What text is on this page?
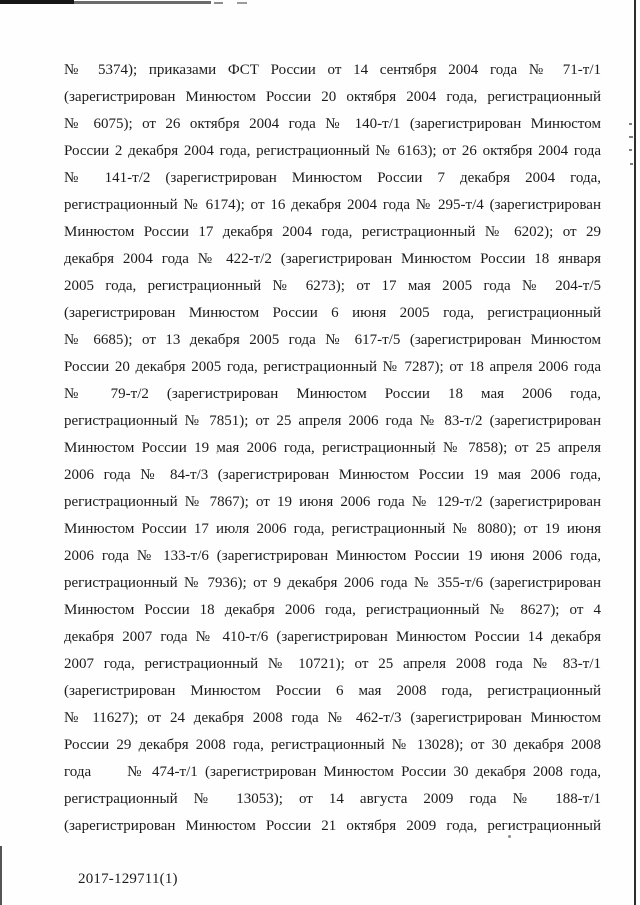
№ 5374); приказами ФСТ России от 14 сентября 2004 года № 71-т/1
(зарегистрирован Минюстом России 20 октября 2004 года, регистрационный
№ 6075); от 26 октября 2004 года № 140-т/1 (зарегистрирован Минюстом
России 2 декабря 2004 года, регистрационный № 6163); от 26 октября 2004 года
№ 141-т/2 (зарегистрирован Минюстом России 7 декабря 2004 года,
регистрационный № 6174); от 16 декабря 2004 года № 295-т/4 (зарегистрирован
Минюстом России 17 декабря 2004 года, регистрационный № 6202); от 29
декабря 2004 года № 422-т/2 (зарегистрирован Минюстом России 18 января
2005 года, регистрационный № 6273); от 17 мая 2005 года № 204-т/5
(зарегистрирован Минюстом России 6 июня 2005 года, регистрационный
№ 6685); от 13 декабря 2005 года № 617-т/5 (зарегистрирован Минюстом
России 20 декабря 2005 года, регистрационный № 7287); от 18 апреля 2006 года
№ 79-т/2 (зарегистрирован Минюстом России 18 мая 2006 года,
регистрационный № 7851); от 25 апреля 2006 года № 83-т/2 (зарегистрирован
Минюстом России 19 мая 2006 года, регистрационный № 7858); от 25 апреля
2006 года № 84-т/3 (зарегистрирован Минюстом России 19 мая 2006 года,
регистрационный № 7867); от 19 июня 2006 года № 129-т/2 (зарегистрирован
Минюстом России 17 июля 2006 года, регистрационный № 8080); от 19 июня
2006 года № 133-т/6 (зарегистрирован Минюстом России 19 июня 2006 года,
регистрационный № 7936); от 9 декабря 2006 года № 355-т/6 (зарегистрирован
Минюстом России 18 декабря 2006 года, регистрационный № 8627); от 4
декабря 2007 года № 410-т/6 (зарегистрирован Минюстом России 14 декабря
2007 года, регистрационный № 10721); от 25 апреля 2008 года № 83-т/1
(зарегистрирован Минюстом России 6 мая 2008 года, регистрационный
№ 11627); от 24 декабря 2008 года № 462-т/3 (зарегистрирован Минюстом
России 29 декабря 2008 года, регистрационный № 13028); от 30 декабря 2008
года     № 474-т/1 (зарегистрирован Минюстом России 30 декабря 2008 года,
регистрационный № 13053); от 14 августа 2009 года № 188-т/1
(зарегистрирован Минюстом России 21 октября 2009 года, регистрационный
2017-129711(1)
